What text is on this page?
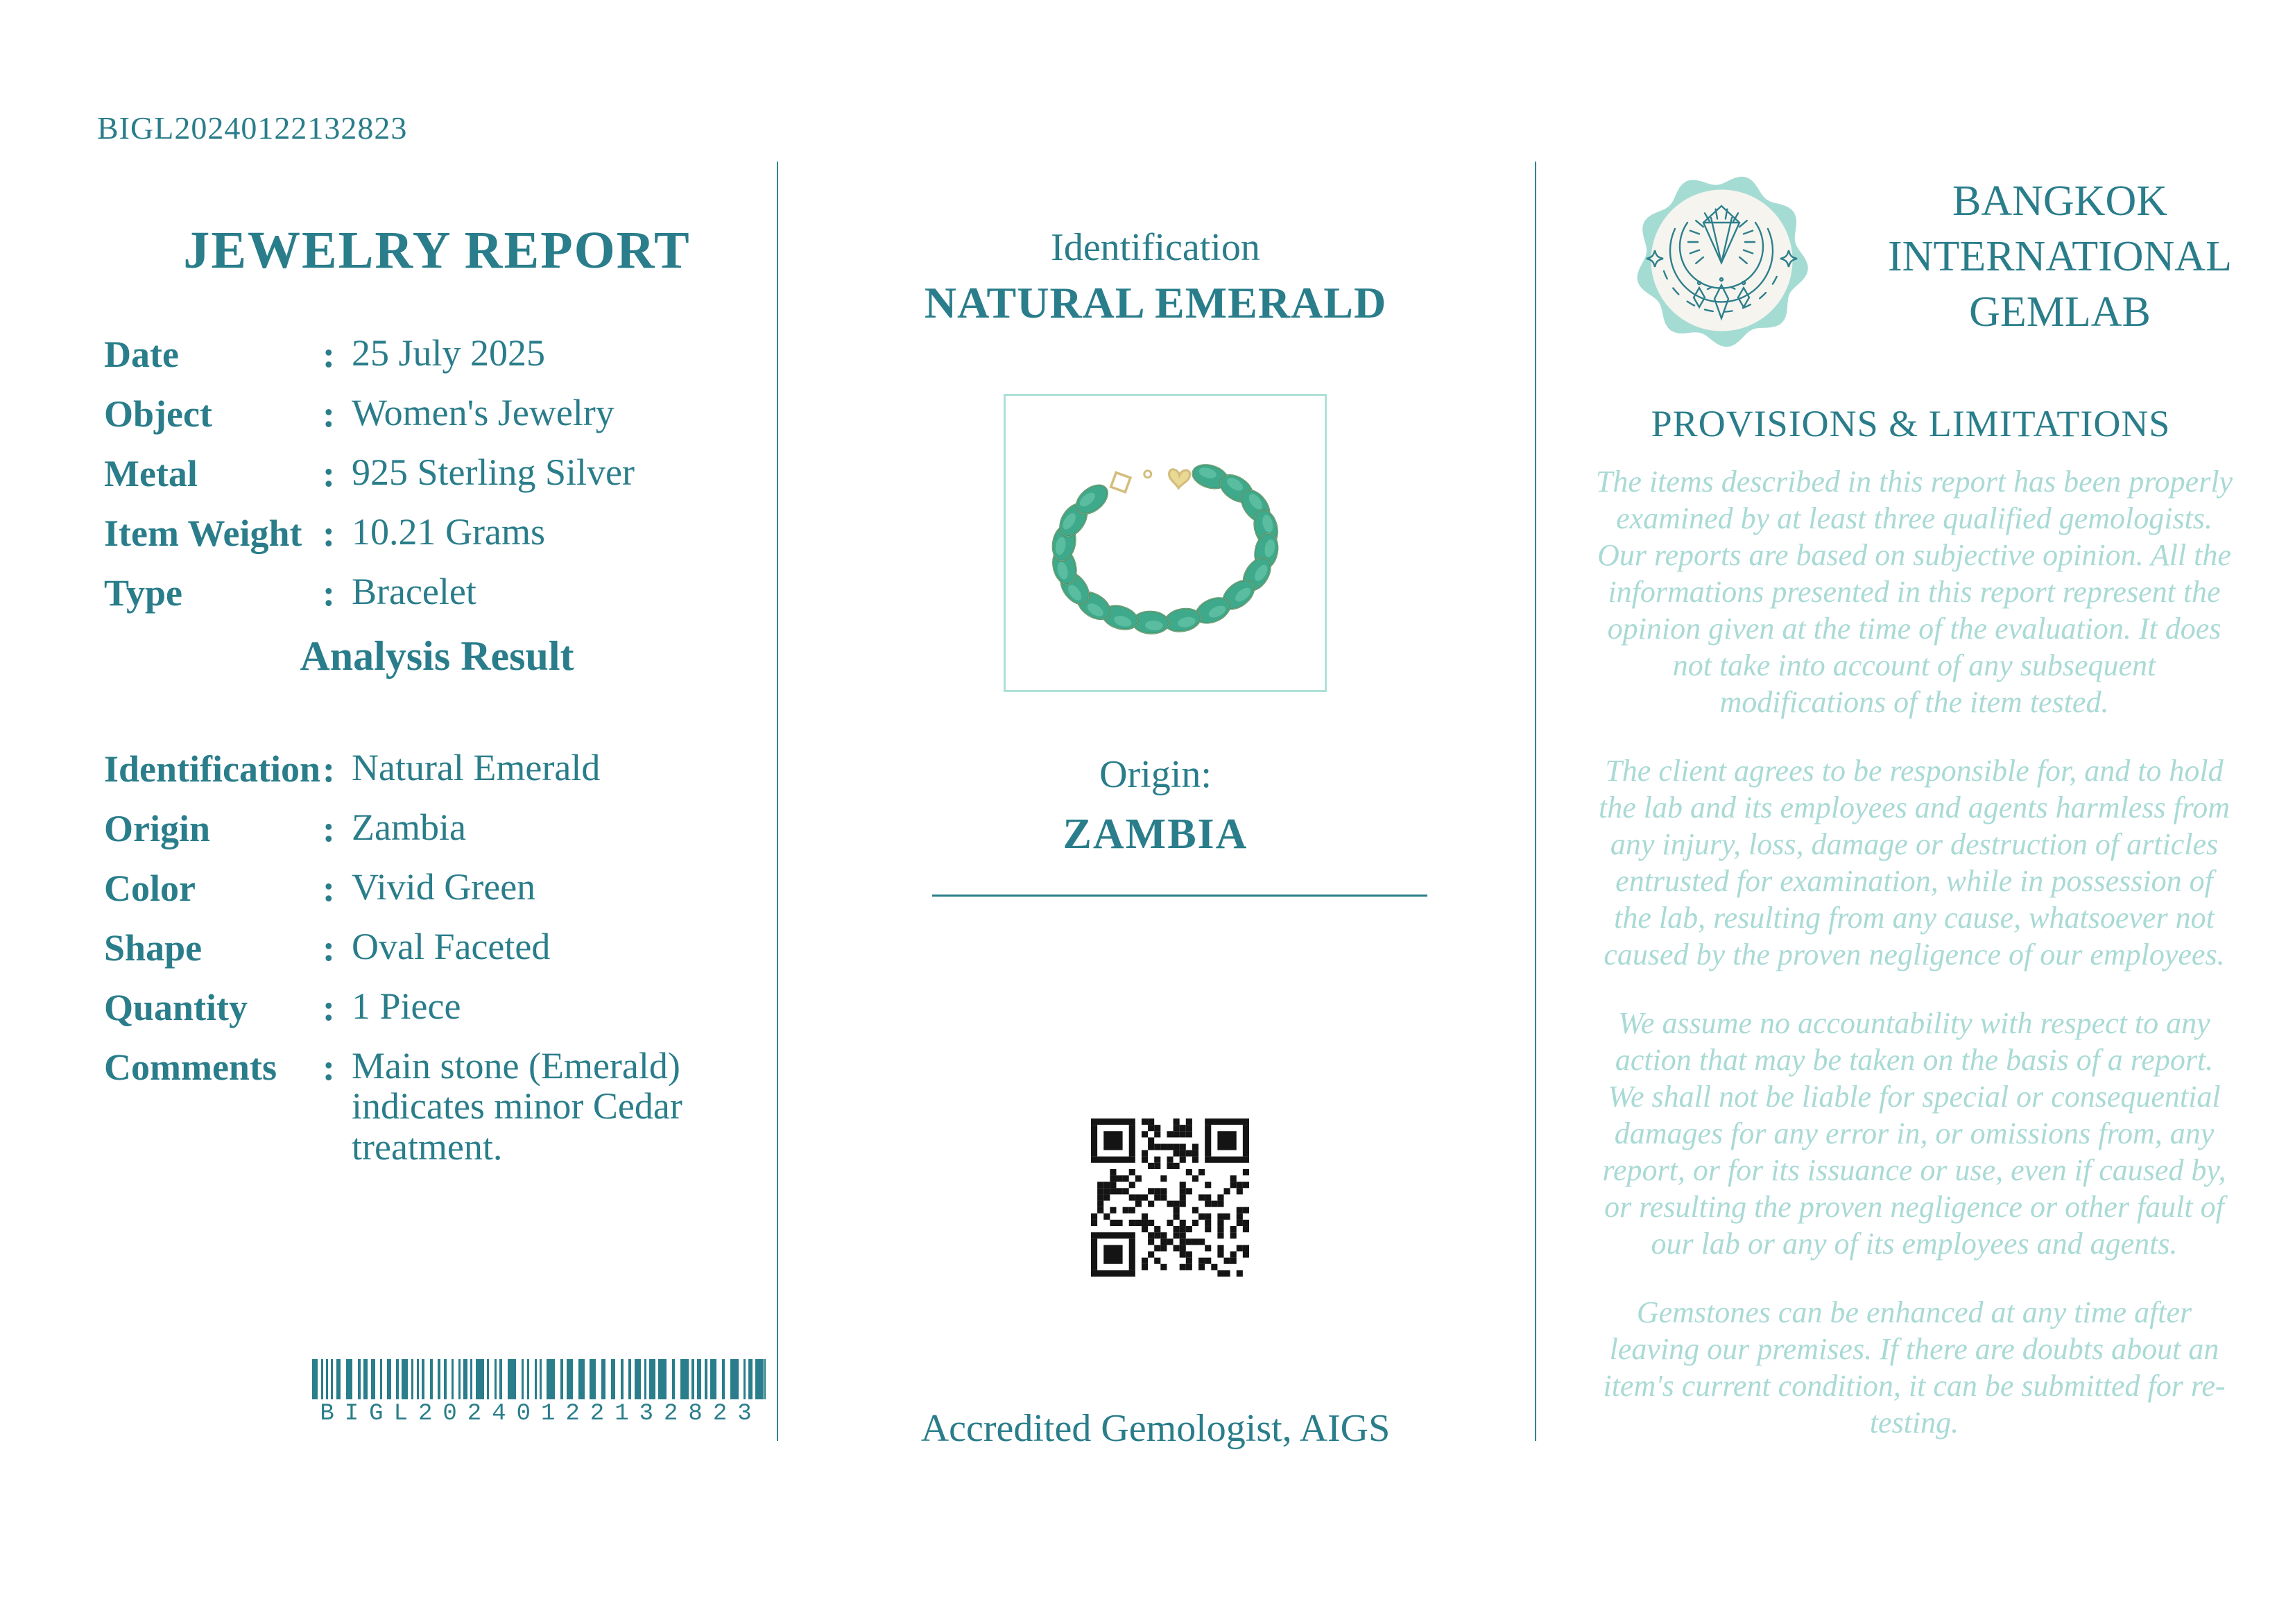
BIGL20240122132823
JEWELRY REPORT
Date	: 25 July 2025
Object	: Women's Jewelry
Metal	: 925 Sterling Silver
Item Weight : 10.21 Grams
Type	: Bracelet
Analysis Result
Identification : Natural Emerald
Origin	: Zambia
Color	: Vivid Green
Shape	: Oval Faceted
Quantity	: 1 Piece
Comments	: Main stone (Emerald) indicates minor Cedar treatment.
BIGL20240122132823
Identification
NATURAL EMERALD
Origin:
ZAMBIA
Accredited Gemologist, AIGS
BANGKOK
INTERNATIONAL
GEMLAB
PROVISIONS & LIMITATIONS

The items described in this report has been properly examined by at least three qualified gemologists. Our reports are based on subjective opinion. All the informations presented in this report represent the opinion given at the time of the evaluation. It does not take into account of any subsequent modifications of the item tested.

The client agrees to be responsible for, and to hold the lab and its employees and agents harmless from any injury, loss, damage or destruction of articles entrusted for examination, while in possession of the lab, resulting from any cause, whatsoever not caused by the proven negligence of our employees.

We assume no accountability with respect to any action that may be taken on the basis of a report. We shall not be liable for special or consequential damages for any error in, or omissions from, any report, or for its issuance or use, even if caused by, or resulting the proven negligence or other fault of our lab or any of its employees and agents.

Gemstones can be enhanced at any time after leaving our premises. If there are doubts about an item's current condition, it can be submitted for re-testing.
